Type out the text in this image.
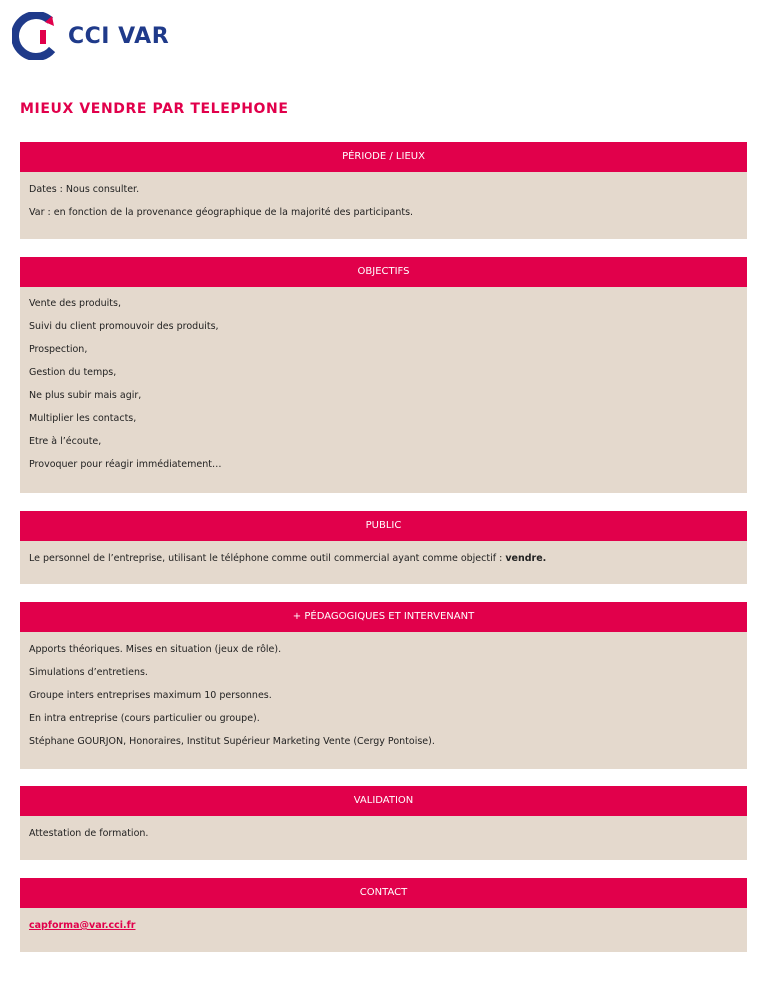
CCI VAR
MIEUX VENDRE PAR TELEPHONE
PÉRIODE / LIEUX
Dates : Nous consulter.
Var : en fonction de la provenance géographique de la majorité des participants.
OBJECTIFS
Vente des produits,
Suivi du client promouvoir des produits,
Prospection,
Gestion du temps,
Ne plus subir mais agir,
Multiplier les contacts,
Etre à l’écoute,
Provoquer pour réagir immédiatement…
PUBLIC
Le personnel de l’entreprise, utilisant le téléphone comme outil commercial ayant comme objectif : vendre.
+ PÉDAGOGIQUES ET INTERVENANT
Apports théoriques. Mises en situation (jeux de rôle).
Simulations d’entretiens.
Groupe inters entreprises maximum 10 personnes.
En intra entreprise (cours particulier ou groupe).
Stéphane GOURJON, Honoraires, Institut Supérieur Marketing Vente (Cergy Pontoise).
VALIDATION
Attestation de formation.
CONTACT
capforma@var.cci.fr
